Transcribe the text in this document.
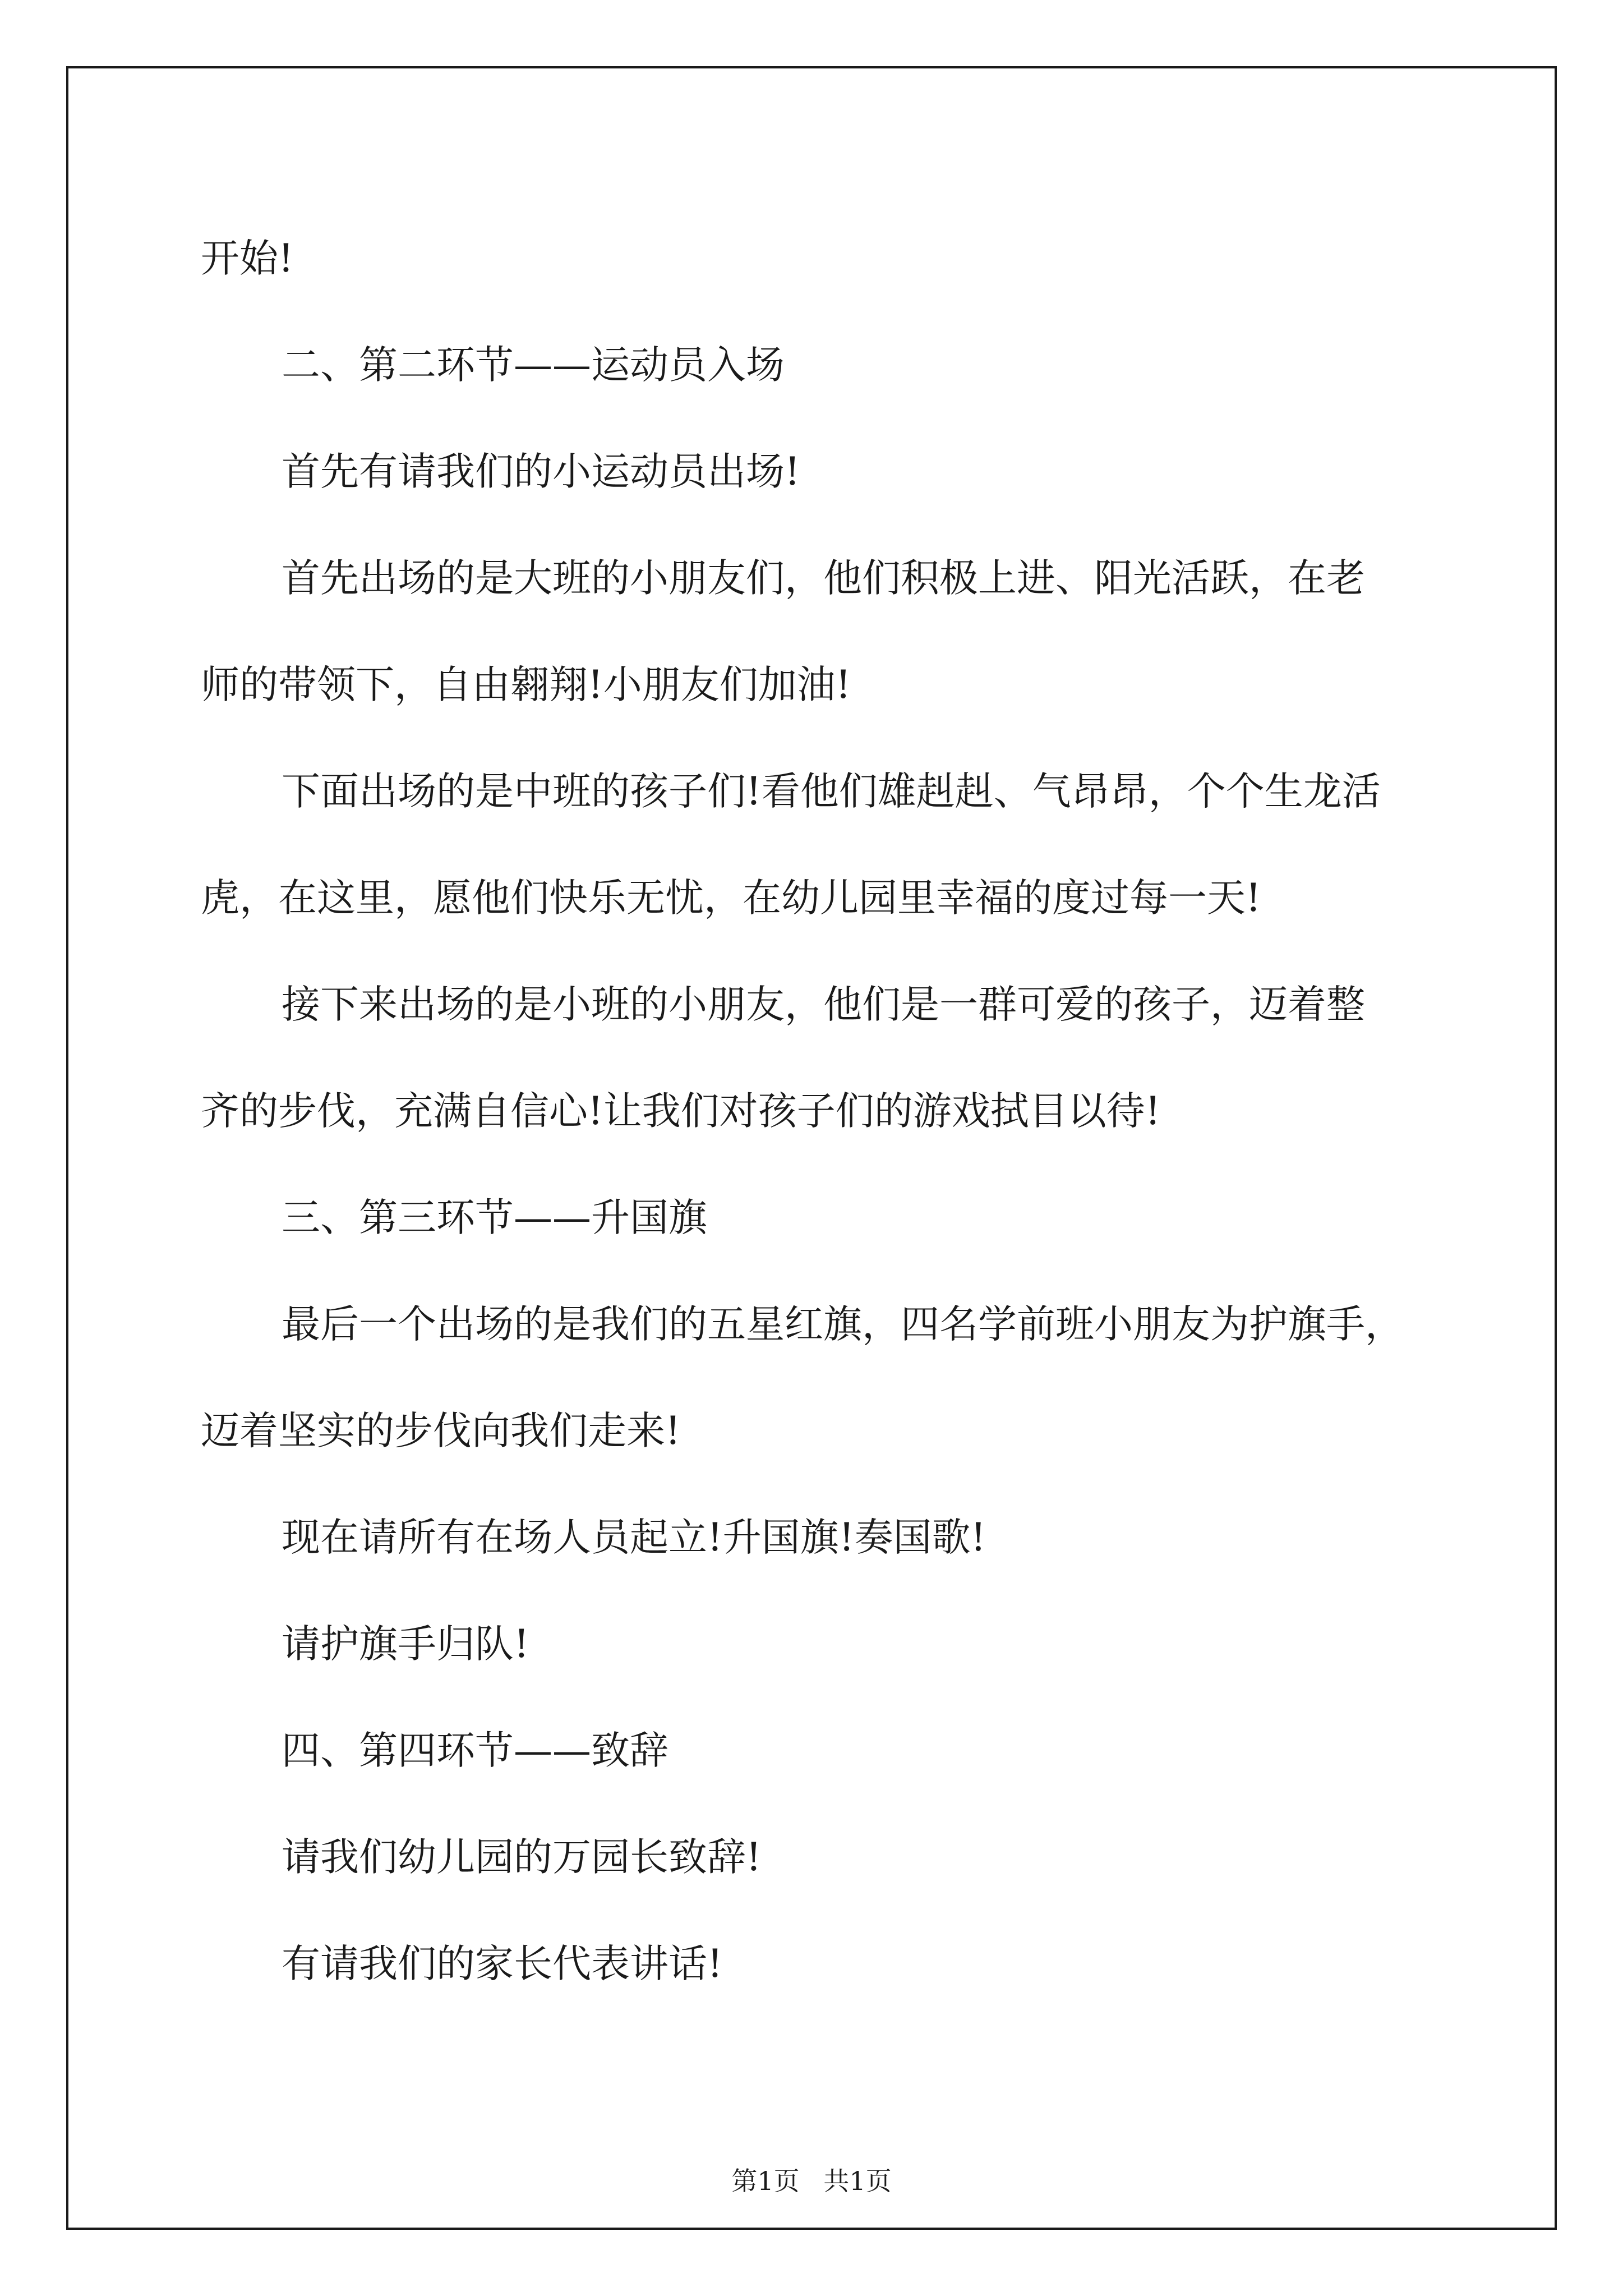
开始!

二、第二环节——运动员入场

首先有请我们的小运动员出场!

首先出场的是大班的小朋友们，他们积极上进、阳光活跃，在老
师的带领下，自由翱翔!小朋友们加油!

下面出场的是中班的孩子们!看他们雄赳赳、气昂昂，个个生龙活
虎，在这里，愿他们快乐无忧，在幼儿园里幸福的度过每一天!

接下来出场的是小班的小朋友，他们是一群可爱的孩子，迈着整
齐的步伐，充满自信心!让我们对孩子们的游戏拭目以待!

三、第三环节——升国旗

最后一个出场的是我们的五星红旗，四名学前班小朋友为护旗手，
迈着坚实的步伐向我们走来!

现在请所有在场人员起立!升国旗!奏国歌!

请护旗手归队!

四、第四环节——致辞

请我们幼儿园的万园长致辞!

有请我们的家长代表讲话!

第1页 共1页
